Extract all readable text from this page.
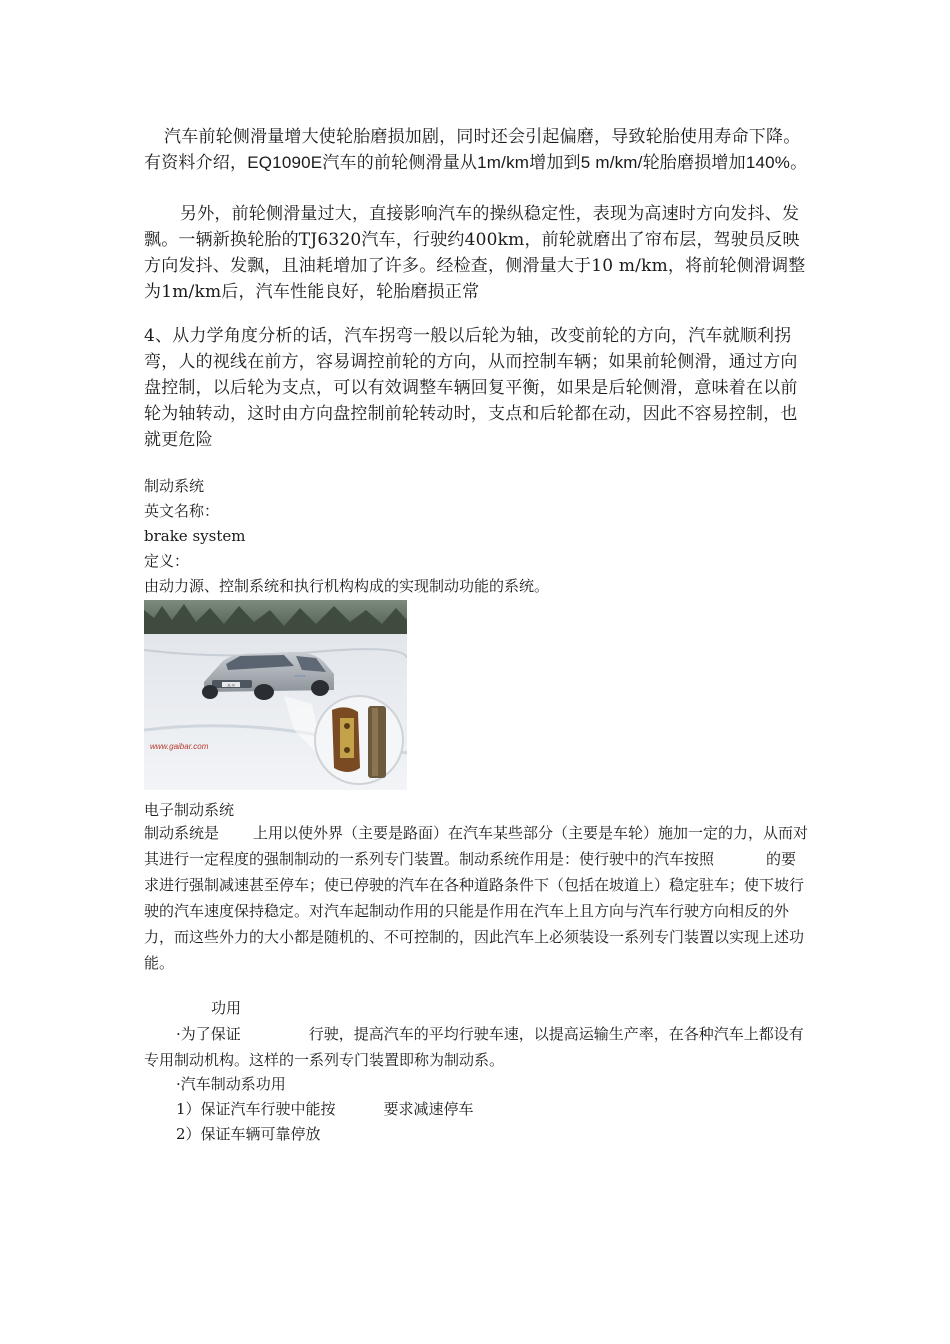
汽车前轮侧滑量增大使轮胎磨损加剧，同时还会引起偏磨，导致轮胎使用寿命下降。有资料介绍，EQ1090E汽车的前轮侧滑量从1m/km增加到5 m/km/轮胎磨损增加140%。
另外，前轮侧滑量过大，直接影响汽车的操纵稳定性，表现为高速时方向发抖、发飘。一辆新换轮胎的TJ6320汽车，行驶约400km，前轮就磨出了帘布层，驾驶员反映方向发抖、发飘，且油耗增加了许多。经检查，侧滑量大于10 m/km，将前轮侧滑调整为1m/km后，汽车性能良好，轮胎磨损正常
4、从力学角度分析的话，汽车拐弯一般以后轮为轴，改变前轮的方向，汽车就顺利拐弯，人的视线在前方，容易调控前轮的方向，从而控制车辆；如果前轮侧滑，通过方向盘控制，以后轮为支点，可以有效调整车辆回复平衡，如果是后轮侧滑，意味着在以前轮为轴转动，这时由方向盘控制前轮转动时，支点和后轮都在动，因此不容易控制，也就更危险
制动系统
英文名称：
brake system
定义：
由动力源、控制系统和执行机构构成的实现制动功能的系统。
JL·K
~~~~
www.gaibar.com
电子制动系统
制动系统是 上用以使外界（主要是路面）在汽车某些部分（主要是车轮）施加一定的力，从而对其进行一定程度的强制制动的一系列专门装置。制动系统作用是：使行驶中的汽车按照	的要求进行强制减速甚至停车；使已停驶的汽车在各种道路条件下（包括在坡道上）稳定驻车；使下坡行驶的汽车速度保持稳定。对汽车起制动作用的只能是作用在汽车上且方向与汽车行驶方向相反的外力，而这些外力的大小都是随机的、不可控制的，因此汽车上必须装设一系列专门装置以实现上述功能。
功用
·为了保证	行驶，提高汽车的平均行驶车速，以提高运输生产率，在各种汽车上都设有专用制动机构。这样的一系列专门装置即称为制动系。
·汽车制动系功用
1）保证汽车行驶中能按	要求减速停车
2）保证车辆可靠停放
